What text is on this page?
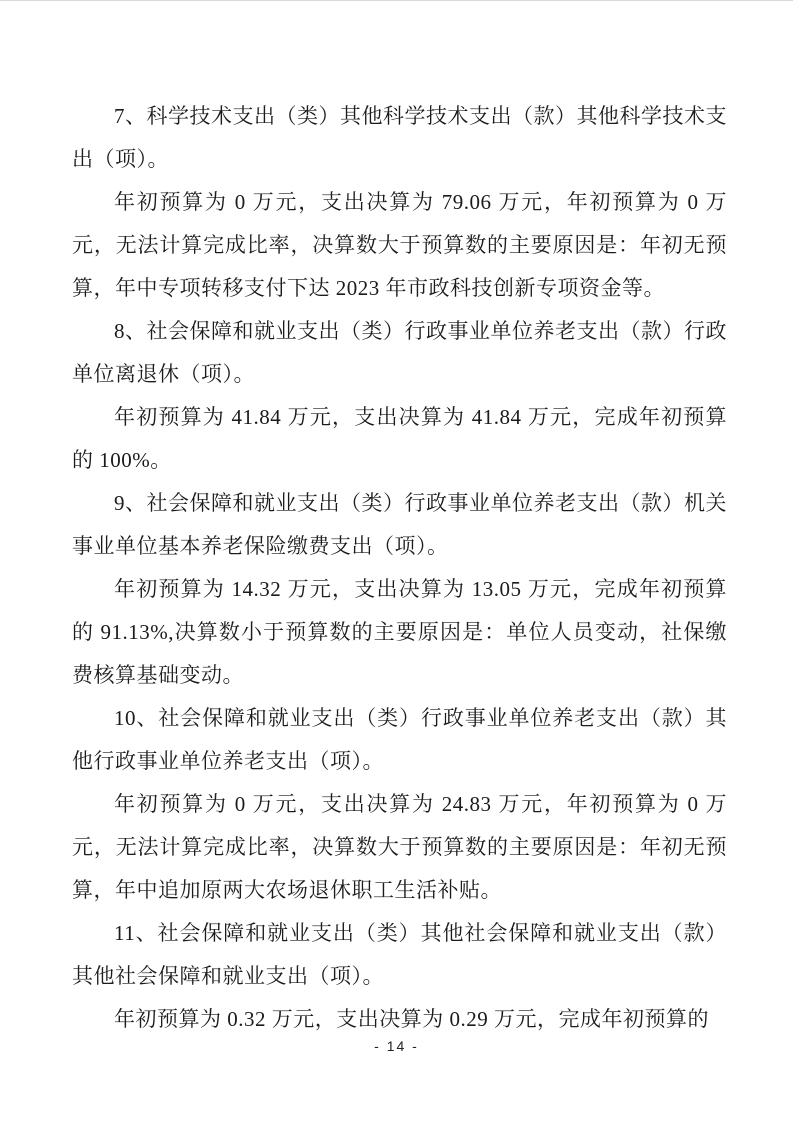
7、科学技术支出（类）其他科学技术支出（款）其他科学技术支出（项）。

年初预算为 0 万元，支出决算为 79.06 万元，年初预算为 0 万元，无法计算完成比率，决算数大于预算数的主要原因是：年初无预算，年中专项转移支付下达 2023 年市政科技创新专项资金等。

8、社会保障和就业支出（类）行政事业单位养老支出（款）行政单位离退休（项）。

年初预算为 41.84 万元，支出决算为 41.84 万元，完成年初预算的 100%。

9、社会保障和就业支出（类）行政事业单位养老支出（款）机关事业单位基本养老保险缴费支出（项）。

年初预算为 14.32 万元，支出决算为 13.05 万元，完成年初预算的 91.13%,决算数小于预算数的主要原因是：单位人员变动，社保缴费核算基础变动。

10、社会保障和就业支出（类）行政事业单位养老支出（款）其他行政事业单位养老支出（项）。

年初预算为 0 万元，支出决算为 24.83 万元，年初预算为 0 万元，无法计算完成比率，决算数大于预算数的主要原因是：年初无预算，年中追加原两大农场退休职工生活补贴。

11、社会保障和就业支出（类）其他社会保障和就业支出（款）其他社会保障和就业支出（项）。

年初预算为 0.32 万元，支出决算为 0.29 万元，完成年初预算的

- 14 -
